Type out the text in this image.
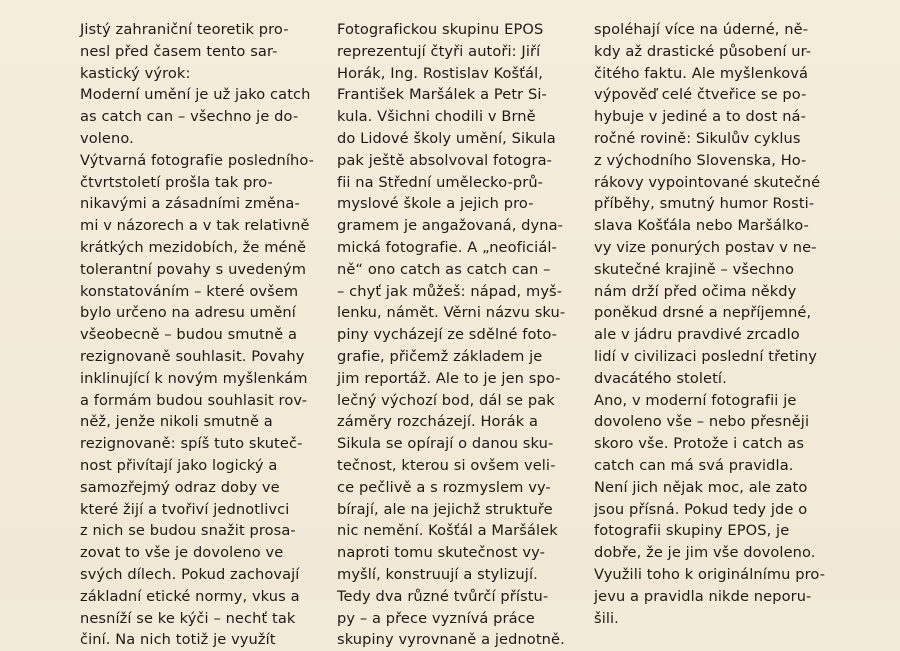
Jistý zahraniční teoretik pro-
nesl před časem tento sar-
kastický výrok:
Moderní umění je už jako catch
as catch can – všechno je do-
voleno.
Výtvarná fotografie posledního-
čtvrtstoletí prošla tak pro-
nikavými a zásadními změna-
mi v názorech a v tak relativně
krátkých mezidobích, že méně
tolerantní povahy s uvedeným
konstatováním – které ovšem
bylo určeno na adresu umění
všeobecně – budou smutně a
rezignovaně souhlasit. Povahy
inklinující k novým myšlenkám
a formám budou souhlasit rov-
něž, jenže nikoli smutně a
rezignovaně: spíš tuto skuteč-
nost přivítají jako logický a
samozřejmý odraz doby ve
které žijí a tvořiví jednotlivci
z nich se budou snažit prosa-
zovat to vše je dovoleno ve
svých dílech. Pokud zachovají
základní etické normy, vkus a
nesníží se ke kýči – nechť tak
činí. Na nich totiž je využít
Fotografickou skupinu EPOS
reprezentují čtyři autoři: Jiří
Horák, Ing. Rostislav Košťál,
František Maršálek a Petr Si-
kula. Všichni chodili v Brně
do Lidové školy umění, Sikula
pak ještě absolvoval fotogra-
fii na Střední umělecko-prů-
myslové škole a jejich pro-
gramem je angažovaná, dyna-
mická fotografie. A „neoficiál-
ně“ ono catch as catch can –
– chyť jak můžeš: nápad, myš-
lenku, námět. Věrni názvu sku-
piny vycházejí ze sdělné foto-
grafie, přičemž základem je
jim reportáž. Ale to je jen spo-
lečný výchozí bod, dál se pak
záměry rozcházejí. Horák a
Sikula se opírají o danou sku-
tečnost, kterou si ovšem veli-
ce pečlivě a s rozmyslem vy-
bírají, ale na jejichž struktuře
nic nemění. Košťál a Maršálek
naproti tomu skutečnost vy-
myšlí, konstruují a stylizují.
Tedy dva různé tvůrčí přístu-
py – a přece vyznívá práce
skupiny vyrovnaně a jednotně.
spoléhají více na úderné, ně-
kdy až drastické působení ur-
čitého faktu. Ale myšlenková
výpověď celé čtveřice se po-
hybuje v jediné a to dost ná-
ročné rovině: Sikulův cyklus
z východního Slovenska, Ho-
rákovy vypointované skutečné
příběhy, smutný humor Rosti-
slava Košťála nebo Maršálko-
vy vize ponurých postav v ne-
skutečné krajině – všechno
nám drží před očima někdy
poněkud drsné a nepříjemné,
ale v jádru pravdivé zrcadlo
lidí v civilizaci poslední třetiny
dvacátého století.
Ano, v moderní fotografii je
dovoleno vše – nebo přesněji
skoro vše. Protože i catch as
catch can má svá pravidla.
Není jich nějak moc, ale zato
jsou přísná. Pokud tedy jde o
fotografii skupiny EPOS, je
dobře, že je jim vše dovoleno.
Využili toho k originálnímu pro-
jevu a pravidla nikde neporu-
šili.
